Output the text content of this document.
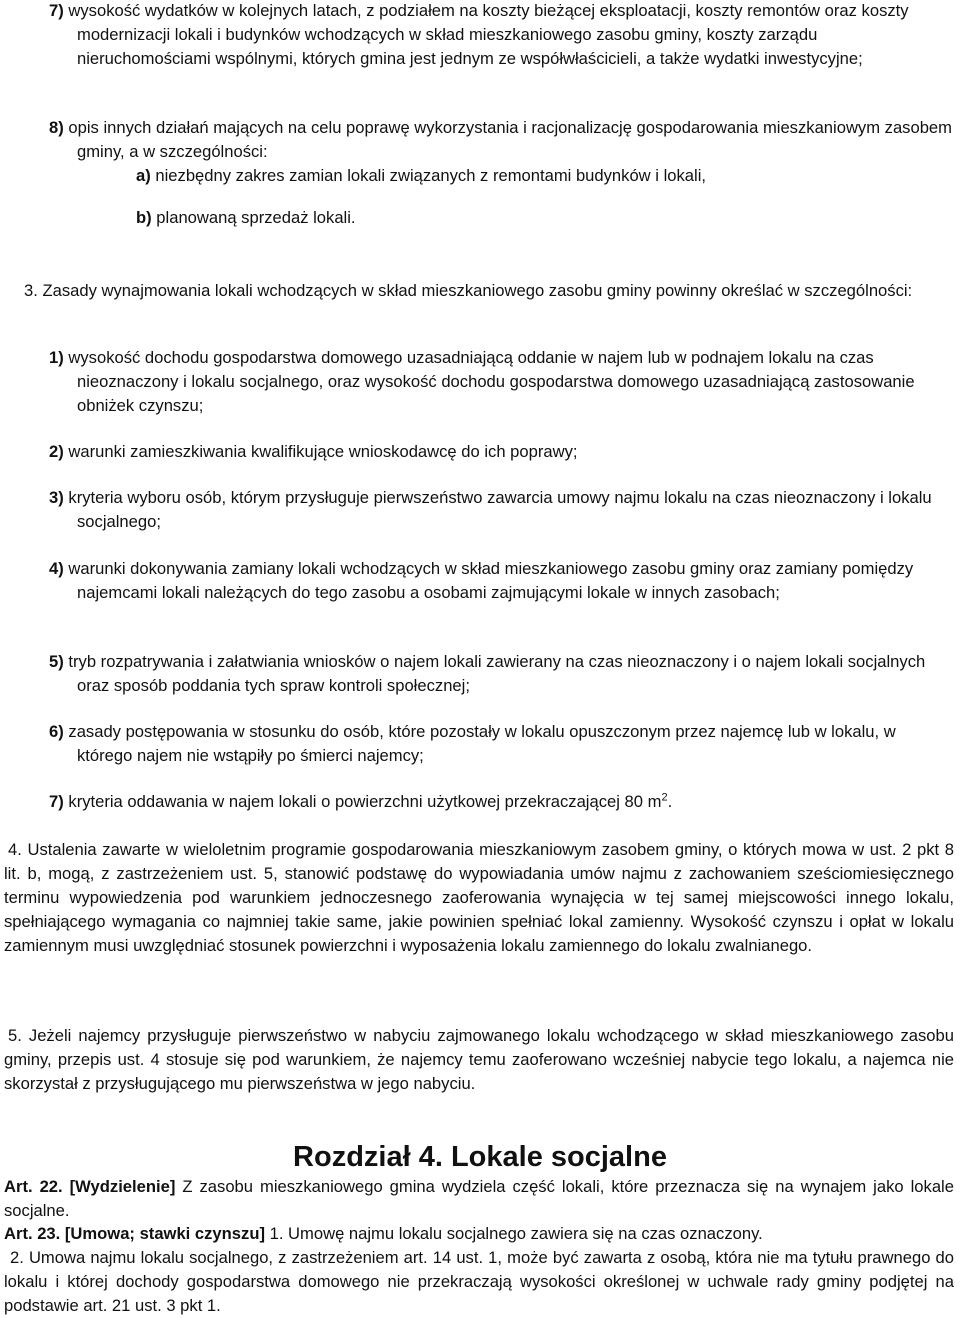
7) wysokość wydatków w kolejnych latach, z podziałem na koszty bieżącej eksploatacji, koszty remontów oraz koszty modernizacji lokali i budynków wchodzących w skład mieszkaniowego zasobu gminy, koszty zarządu nieruchomościami wspólnymi, których gmina jest jednym ze współwłaścicieli, a także wydatki inwestycyjne;

8) opis innych działań mających na celu poprawę wykorzystania i racjonalizację gospodarowania mieszkaniowym zasobem gminy, a w szczególności:

a) niezbędny zakres zamian lokali związanych z remontami budynków i lokali,

b) planowaną sprzedaż lokali.

3. Zasady wynajmowania lokali wchodzących w skład mieszkaniowego zasobu gminy powinny określać w szczególności:

1) wysokość dochodu gospodarstwa domowego uzasadniającą oddanie w najem lub w podnajem lokalu na czas nieoznaczony i lokalu socjalnego, oraz wysokość dochodu gospodarstwa domowego uzasadniającą zastosowanie obniżek czynszu;

2) warunki zamieszkiwania kwalifikujące wnioskodawcę do ich poprawy;

3) kryteria wyboru osób, którym przysługuje pierwszeństwo zawarcia umowy najmu lokalu na czas nieoznaczony i lokalu socjalnego;

4) warunki dokonywania zamiany lokali wchodzących w skład mieszkaniowego zasobu gminy oraz zamiany pomiędzy najemcami lokali należących do tego zasobu a osobami zajmującymi lokale w innych zasobach;

5) tryb rozpatrywania i załatwiania wniosków o najem lokali zawierany na czas nieoznaczony i o najem lokali socjalnych oraz sposób poddania tych spraw kontroli społecznej;

6) zasady postępowania w stosunku do osób, które pozostały w lokalu opuszczonym przez najemcę lub w lokalu, w którego najem nie wstąpiły po śmierci najemcy;

7) kryteria oddawania w najem lokali o powierzchni użytkowej przekraczającej 80 $m^2$.

4. Ustalenia zawarte w wieloletnim programie gospodarowania mieszkaniowym zasobem gminy, o których mowa w ust. 2 pkt 8 lit. b, mogą, z zastrzeżeniem ust. 5, stanowić podstawę do wypowiadania umów najmu z zachowaniem sześciomiesięcznego terminu wypowiedzenia pod warunkiem jednoczesnego zaoferowania wynajęcia w tej samej miejscowości innego lokalu, spełniającego wymagania co najmniej takie same, jakie powinien spełniać lokal zamienny. Wysokość czynszu i opłat w lokalu zamiennym musi uwzględniać stosunek powierzchni i wyposażenia lokalu zamiennego do lokalu zwalnianego.

5. Jeżeli najemcy przysługuje pierwszeństwo w nabyciu zajmowanego lokalu wchodzącego w skład mieszkaniowego zasobu gminy, przepis ust. 4 stosuje się pod warunkiem, że najemcy temu zaoferowano wcześniej nabycie tego lokalu, a najemca nie skorzystał z przysługującego mu pierwszeństwa w jego nabyciu.

Rozdział 4. Lokale socjalne

Art. 22. [Wydzielenie] Z zasobu mieszkaniowego gmina wydziela część lokali, które przeznacza się na wynajem jako lokale socjalne.

Art. 23. [Umowa; stawki czynszu] 1. Umowę najmu lokalu socjalnego zawiera się na czas oznaczony.

2. Umowa najmu lokalu socjalnego, z zastrzeżeniem art. 14 ust. 1, może być zawarta z osobą, która nie ma tytułu prawnego do lokalu i której dochody gospodarstwa domowego nie przekraczają wysokości określonej w uchwale rady gminy podjętej na podstawie art. 21 ust. 3 pkt 1.
